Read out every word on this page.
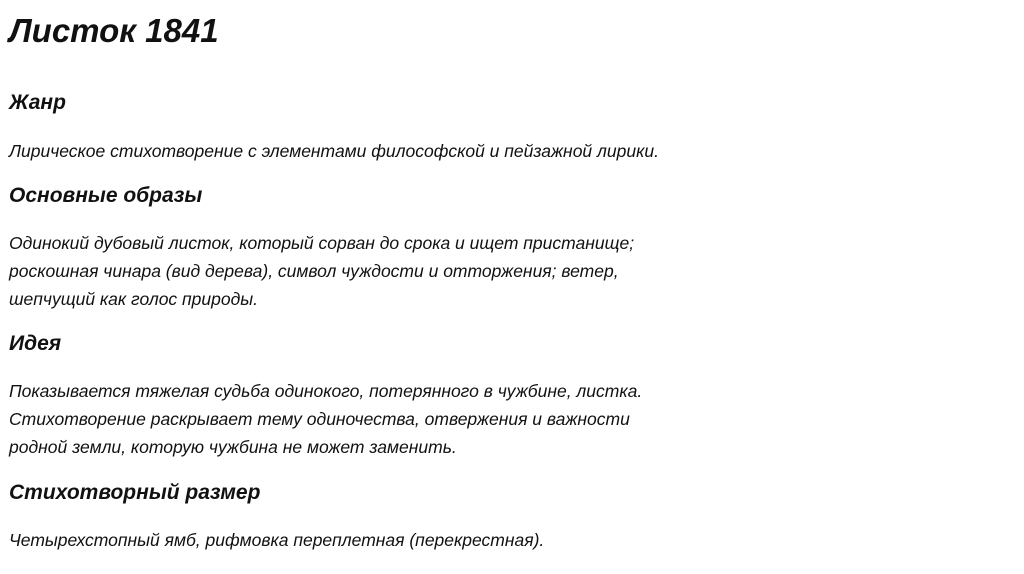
Листок 1841
Жанр

Лирическое стихотворение с элементами философской и пейзажной лирики.

Основные образы

Одинокий дубовый листок, который сорван до срока и ищет пристанище;
роскошная чинара (вид дерева), символ чуждости и отторжения; ветер,
шепчущий как голос природы.

Идея

Показывается тяжелая судьба одинокого, потерянного в чужбине, листка.
Стихотворение раскрывает тему одиночества, отвержения и важности
родной земли, которую чужбина не может заменить.

Стихотворный размер

Четырехстопный ямб, рифмовка переплетная (перекрестная).
